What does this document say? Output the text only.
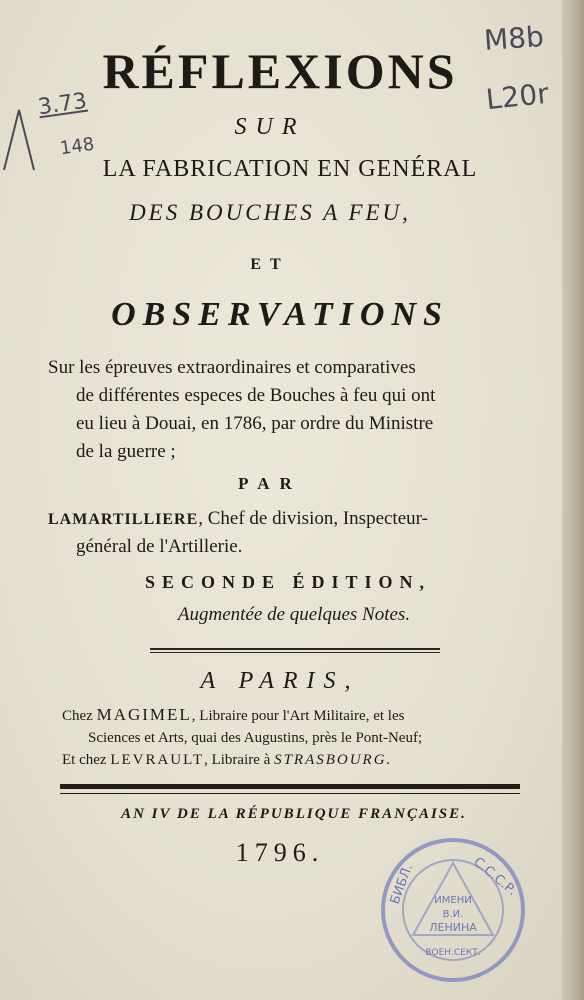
RÉFLEXIONS
SUR
LA FABRICATION EN GENÉRAL
DES BOUCHES A FEU,
ET
OBSERVATIONS
Sur les épreuves extraordinaires et comparatives
de différentes especes de Bouches à feu qui ont
eu lieu à Douai, en 1786, par ordre du Ministre
de la guerre ;
PAR
LAMARTILLIERE, Chef de division, Inspecteur-
général de l'Artillerie.
SECONDE ÉDITION,
Augmentée de quelques Notes.
A PARIS,
Chez MAGIMEL, Libraire pour l'Art Militaire, et les
Sciences et Arts, quai des Augustins, près le Pont-Neuf;
Et chez LEVRAULT, Libraire à STRASBOURG.
AN IV DE LA RÉPUBLIQUE FRANÇAISE.
1796.
M8b
L20r
3.73
148
С.С.С.Р.
БИБЛ. ИМЕНИ
В.И.
ЛЕНИНА
ВОЕН.СЕКТ.
